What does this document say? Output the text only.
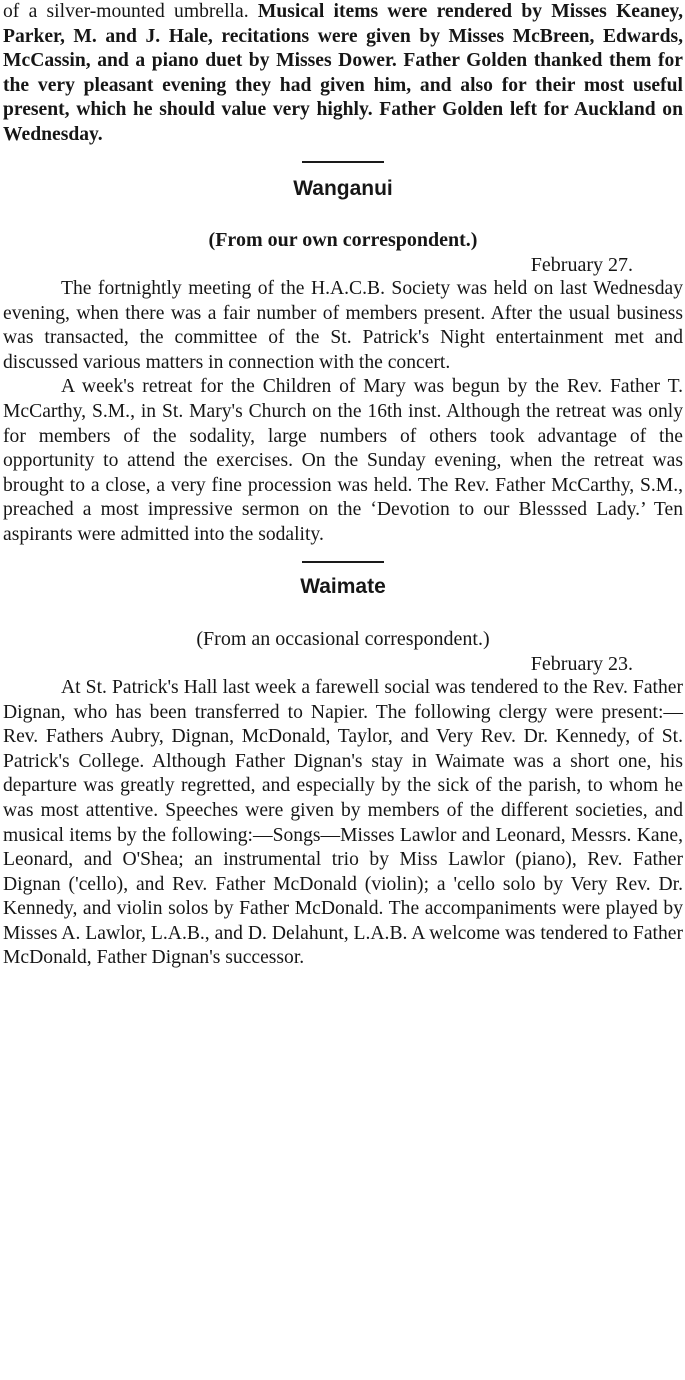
of a silver-mounted umbrella. Musical items were rendered by Misses Keaney, Parker, M. and J. Hale, recitations were given by Misses McBreen, Edwards, McCassin, and a piano duet by Misses Dower. Father Golden thanked them for the very pleasant evening they had given him, and also for their most useful present, which he should value very highly. Father Golden left for Auckland on Wednesday.

Wanganui

(From our own correspondent.)

February 27.

The fortnightly meeting of the H.A.C.B. Society was held on last Wednesday evening, when there was a fair number of members present. After the usual business was transacted, the committee of the St. Patrick's Night entertainment met and discussed various matters in connection with the concert.

A week's retreat for the Children of Mary was begun by the Rev. Father T. McCarthy, S.M., in St. Mary's Church on the 16th inst. Although the retreat was only for members of the sodality, large numbers of others took advantage of the opportunity to attend the exercises. On the Sunday evening, when the retreat was brought to a close, a very fine procession was held. The Rev. Father McCarthy, S.M., preached a most impressive sermon on the ‘Devotion to our Blesssed Lady.’ Ten aspirants were admitted into the sodality.

Waimate

(From an occasional correspondent.)

February 23.

At St. Patrick's Hall last week a farewell social was tendered to the Rev. Father Dignan, who has been transferred to Napier. The following clergy were present:—Rev. Fathers Aubry, Dignan, McDonald, Taylor, and Very Rev. Dr. Kennedy, of St. Patrick's College. Although Father Dignan's stay in Waimate was a short one, his departure was greatly regretted, and especially by the sick of the parish, to whom he was most attentive. Speeches were given by members of the different societies, and musical items by the following:—Songs—Misses Lawlor and Leonard, Messrs. Kane, Leonard, and O'Shea; an instrumental trio by Miss Lawlor (piano), Rev. Father Dignan ('cello), and Rev. Father McDonald (violin); a 'cello solo by Very Rev. Dr. Kennedy, and violin solos by Father McDonald. The accompaniments were played by Misses A. Lawlor, L.A.B., and D. Delahunt, L.A.B. A welcome was tendered to Father McDonald, Father Dignan's successor.
